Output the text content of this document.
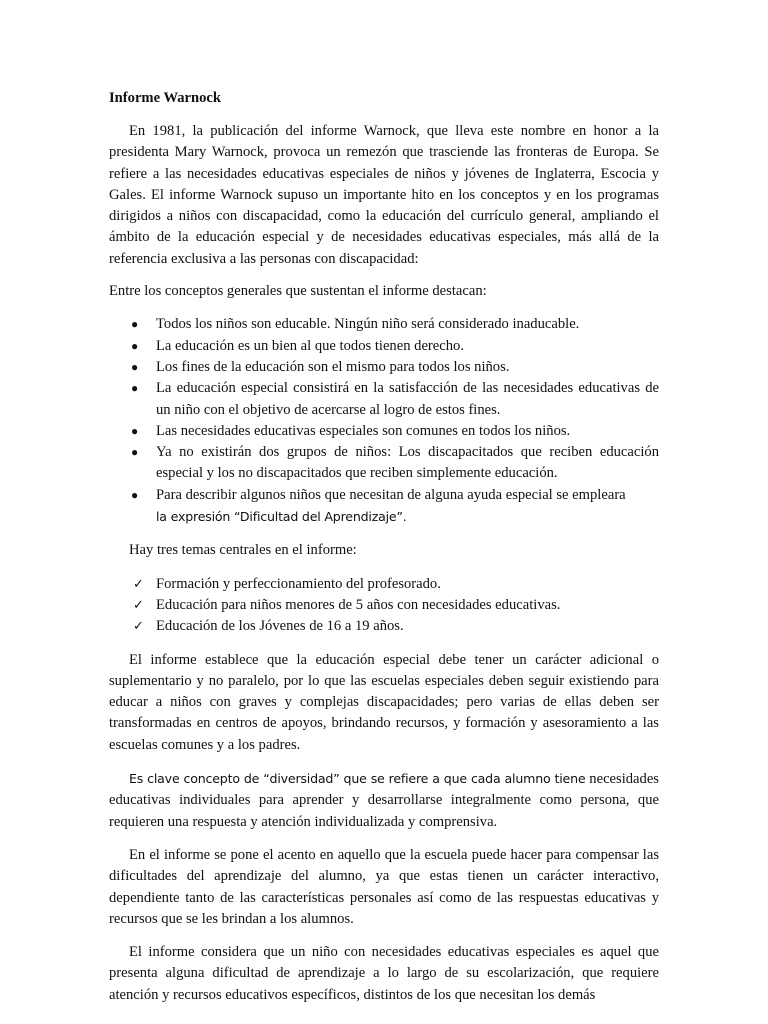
Informe Warnock

En 1981, la publicación del informe Warnock, que lleva este nombre en honor a la presidenta Mary Warnock, provoca un remezón que trasciende las fronteras de Europa. Se refiere a las necesidades educativas especiales de niños y jóvenes de Inglaterra, Escocia y Gales. El informe Warnock supuso un importante hito en los conceptos y en los programas dirigidos a niños con discapacidad, como la educación del currículo general, ampliando el ámbito de la educación especial y de necesidades educativas especiales, más allá de la referencia exclusiva a las personas con discapacidad:

Entre los conceptos generales que sustentan el informe destacan:

● Todos los niños son educable. Ningún niño será considerado inaducable.
● La educación es un bien al que todos tienen derecho.
● Los fines de la educación son el mismo para todos los niños.
● La educación especial consistirá en la satisfacción de las necesidades educativas de un niño con el objetivo de acercarse al logro de estos fines.
● Las necesidades educativas especiales son comunes en todos los niños.
● Ya no existirán dos grupos de niños: Los discapacitados que reciben educación especial y los no discapacitados que reciben simplemente educación.
● Para describir algunos niños que necesitan de alguna ayuda especial se empleara
la expresión “Dificultad del Aprendizaje”.

Hay tres temas centrales en el informe:

✓ Formación y perfeccionamiento del profesorado.
✓ Educación para niños menores de 5 años con necesidades educativas.
✓ Educación de los Jóvenes de 16 a 19 años.

El informe establece que la educación especial debe tener un carácter adicional o suplementario y no paralelo, por lo que las escuelas especiales deben seguir existiendo para educar a niños con graves y complejas discapacidades; pero varias de ellas deben ser transformadas en centros de apoyos, brindando recursos, y formación y asesoramiento a las escuelas comunes y a los padres.

Es clave concepto de “diversidad” que se refiere a que cada alumno tiene necesidades educativas individuales para aprender y desarrollarse integralmente como persona, que requieren una respuesta y atención individualizada y comprensiva.

En el informe se pone el acento en aquello que la escuela puede hacer para compensar las dificultades del aprendizaje del alumno, ya que estas tienen un carácter interactivo, dependiente tanto de las características personales así como de las respuestas educativas y recursos que se les brindan a los alumnos.

El informe considera que un niño con necesidades educativas especiales es aquel que presenta alguna dificultad de aprendizaje a lo largo de su escolarización, que requiere atención y recursos educativos específicos, distintos de los que necesitan los demás
